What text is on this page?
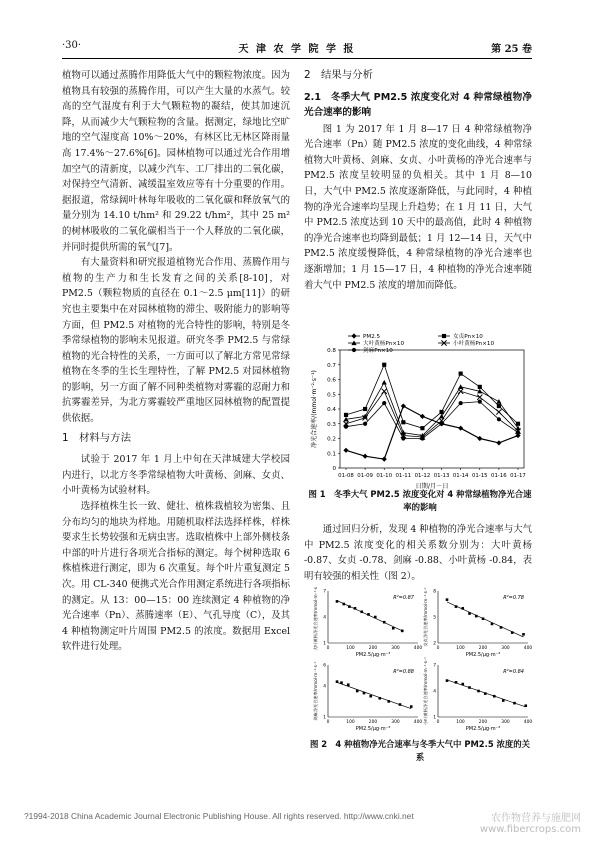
·30·	天 津 农 学 院 学 报	第 25 卷

植物可以通过蒸腾作用降低大气中的颗粒物浓度。因为植物具有较强的蒸腾作用，可以产生大量的水蒸气。较高的空气湿度有利于大气颗粒物的凝结，使其加速沉降，从而减少大气颗粒物的含量。据测定，绿地比空旷地的空气湿度高 10%～20%，有林区比无林区降雨量高 17.4%～27.6%[6]。园林植物可以通过光合作用增加空气的清新度，以减少汽车、工厂排出的二氧化碳，对保持空气清新、减缓温室效应等有十分重要的作用。据报道，常绿阔叶林每年吸收的二氧化碳和释放氧气的量分别为 14.10 t/hm² 和 29.22 t/hm²，其中 25 m² 的树林吸收的二氧化碳相当于一个人释放的二氧化碳，并同时提供所需的氧气[7]。

有大量资料和研究报道植物光合作用、蒸腾作用与植物的生产力和生长发育之间的关系[8-10]，对 PM2.5（颗粒物质的直径在 0.1～2.5 μm[11]）的研究也主要集中在对园林植物的滞尘、吸附能力的影响等方面，但 PM2.5 对植物的光合特性的影响，特别是冬季常绿植物的影响未见报道。研究冬季 PM2.5 与常绿植物的光合特性的关系，一方面可以了解北方常见常绿植物在冬季的生长生理特性，了解 PM2.5 对园林植物的影响，另一方面了解不同种类植物对雾霾的忍耐力和抗雾霾差异，为北方雾霾较严重地区园林植物的配置提供依据。

1　材料与方法

试验于 2017 年 1 月上中旬在天津城建大学校园内进行，以北方冬季常绿植物大叶黄杨、剑麻、女贞、小叶黄杨为试验材料。

选择植株生长一致、健壮、植株栽植较为密集、且分布均匀的地块为样地。用随机取样法选择样株，样株要求生长势较强和无病虫害。选取植株中上部外侧枝条中部的叶片进行各项光合指标的测定。每个树种选取 6 株植株进行测定，即为 6 次重复。每个叶片重复测定 5 次。用 CL-340 便携式光合作用测定系统进行各项指标的测定。从 13：00—15：00 连续测定 4 种植物的净光合速率（Pn）、蒸腾速率（E）、气孔导度（C），及其 4 种植物测定叶片周围 PM2.5 的浓度。数据用 Excel 软件进行处理。

2　结果与分析
2.1　冬季大气 PM2.5 浓度变化对 4 种常绿植物净光合速率的影响

图 1 为 2017 年 1 月 8—17 日 4 种常绿植物净光合速率（Pn）随 PM2.5 浓度的变化曲线，4 种常绿植物大叶黄杨、剑麻、女贞、小叶黄杨的净光合速率与 PM2.5 浓度呈较明显的负相关。其中 1 月 8—10 日，大气中 PM2.5 浓度逐渐降低，与此同时，4 种植物的净光合速率均呈现上升趋势；在 1 月 11 日，大气中 PM2.5 浓度达到 10 天中的最高值，此时 4 种植物的净光合速率也均降到最低；1 月 12—14 日，天气中 PM2.5 浓度缓慢降低，4 种常绿植物的净光合速率也逐渐增加；1 月 15—17 日，4 种植物的净光合速率随着大气中 PM2.5 浓度的增加而降低。

0
0.1
0.2
0.3
0.4
0.5
0.6
0.7
0.8
01-08 01-09 01-10 01-11 01-12 01-13 01-14 01-15 01-16 01-17
日期/月－日
净光合速率/(mmol·m⁻²·s⁻¹)
PM2.5	女贞Pn×10
大叶黄杨Pn×10	小叶黄杨Pn×10
剑麻Pn×10
图 1　冬季大气 PM2.5 浓度变化对 4 种常绿植物净光合速率的影响

通过回归分析，发现 4 种植物的净光合速率与大气中 PM2.5 浓度变化的相关系数分别为：大叶黄杨 -0.87、女贞 -0.78、剑麻 -0.88、小叶黄杨 -0.84，表明有较强的相关性（图 2）。

0	100	200	300	400
1
4
7
R²=0.87
PM2.5/μg·m⁻³
大叶黄杨净光合速率/mmol·m⁻²·s⁻¹	0	100	200	300	400
2
5
8
R²=0.78
PM2.5/μg·m⁻³
女贞净光合速率/mmol·m⁻²·s⁻¹
0	100	200	300	400
1
4
6
R²=0.88
PM2.5/μg·m⁻³
剑麻净光合速率/mmol·m⁻²·s⁻¹
0	100	200	300	400
1
4
7
R²=0.84
PM2.5/μg·m⁻³
小叶黄杨净光合速率/mmol·m⁻²·s⁻¹
图 2　4 种植物净光合速率与冬季大气中 PM2.5 浓度的关系
?1994-2018 China Academic Journal Electronic Publishing House. All rights reserved. http://www.cnki.net	农作物营养与施肥网
www.fibercrops.com
